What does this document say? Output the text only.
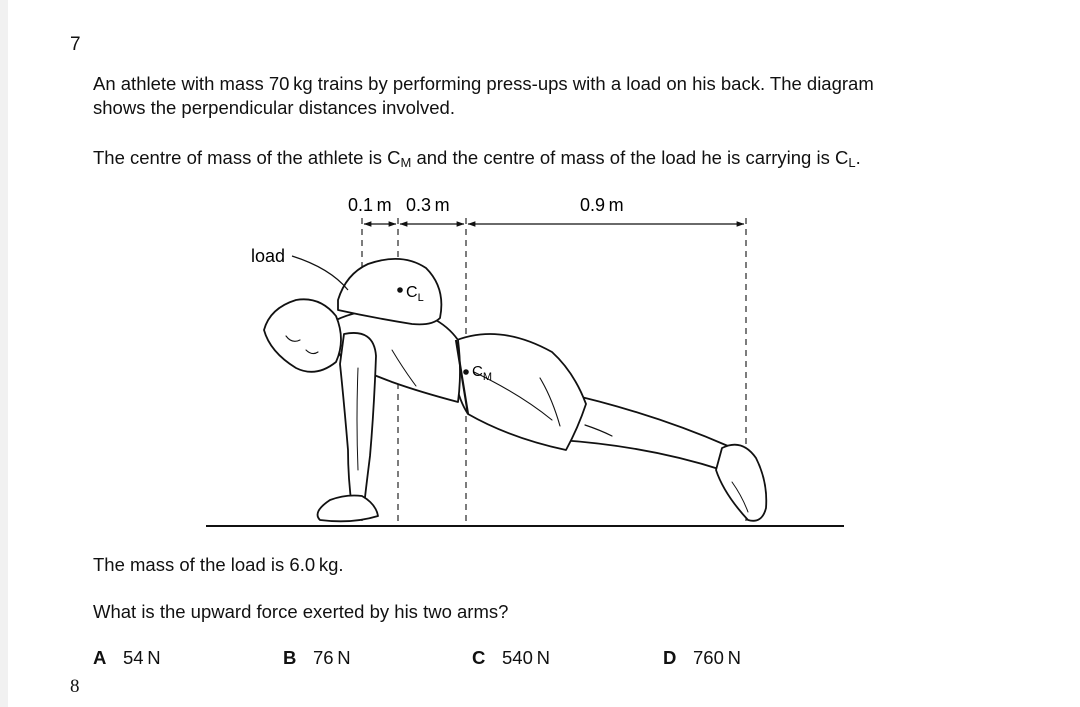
7
An athlete with mass 70 kg trains by performing press-ups with a load on his back. The diagram
shows the perpendicular distances involved.
The centre of mass of the athlete is $C_M$ and the centre of mass of the load he is carrying is $C_L$.
0.1 m 0.3 m	0.9 m
load
$C_L$
$C_M$
The mass of the load is 6.0 kg.
What is the upward force exerted by his two arms?
A 54 N	B 76 N	C 540 N	D 760 N
8
